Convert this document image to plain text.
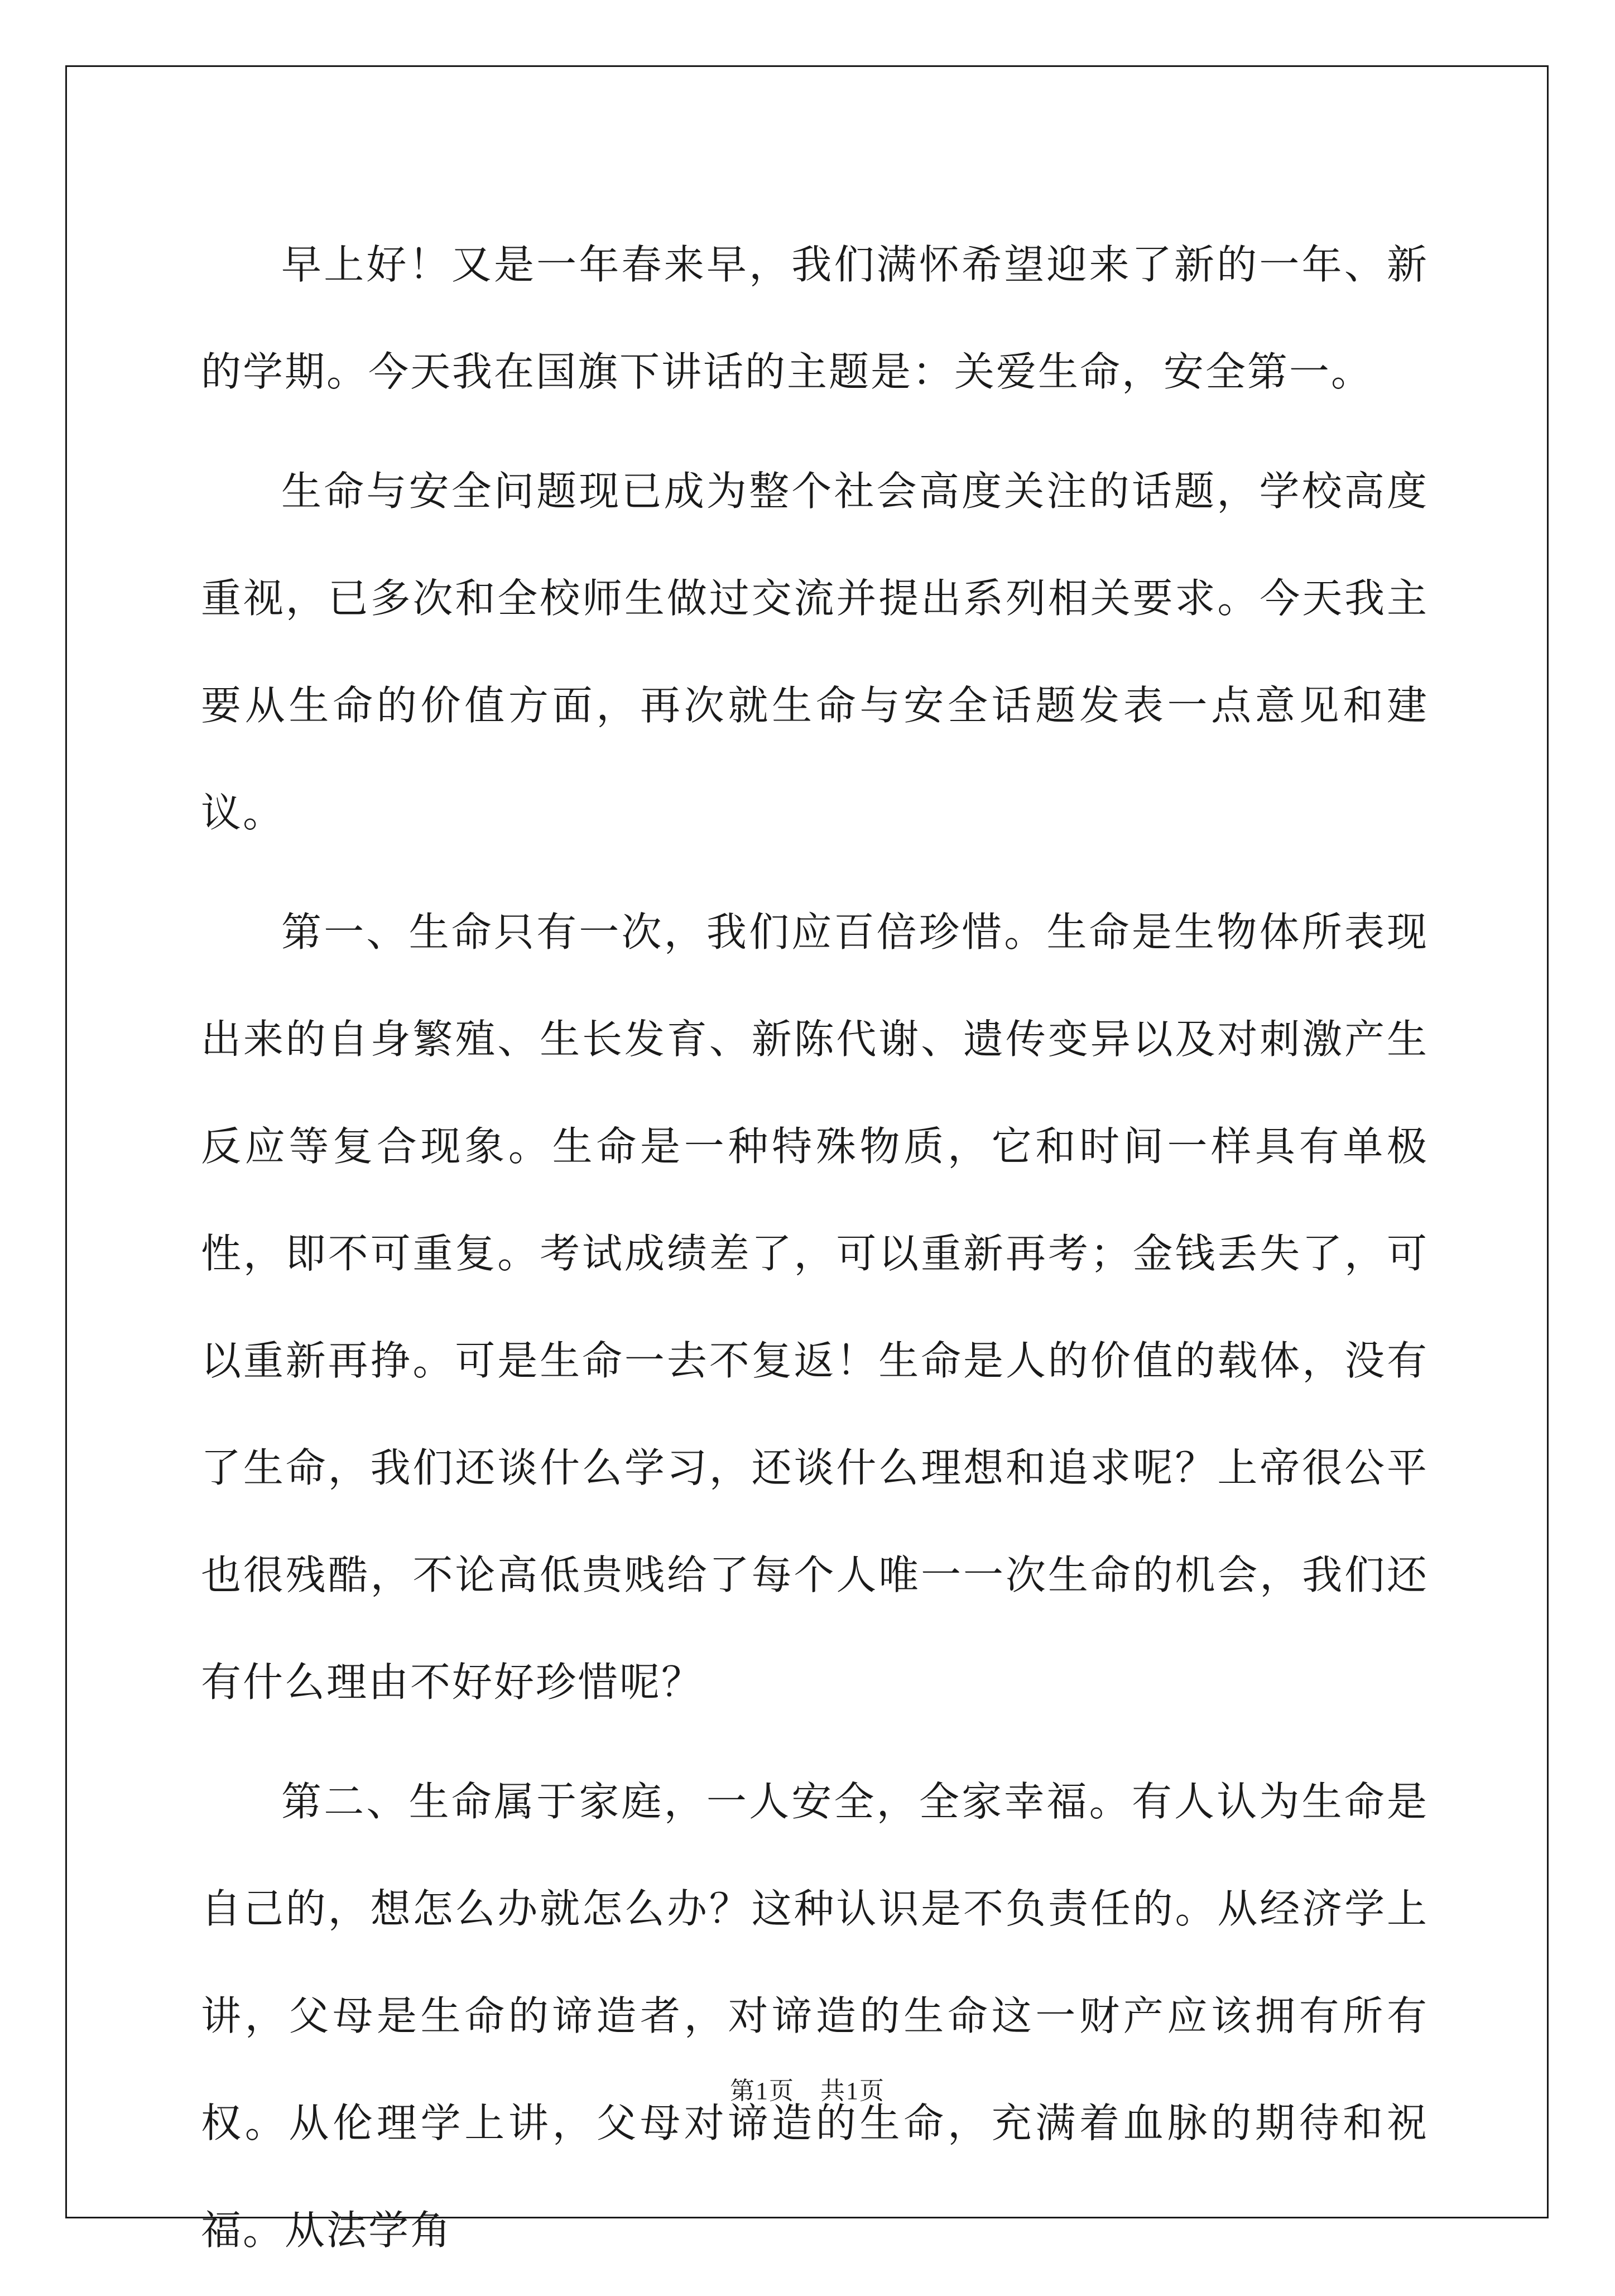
早上好！又是一年春来早，我们满怀希望迎来了新的一年、新的学期。今天我在国旗下讲话的主题是：关爱生命，安全第一。

生命与安全问题现已成为整个社会高度关注的话题，学校高度重视，已多次和全校师生做过交流并提出系列相关要求。今天我主要从生命的价值方面，再次就生命与安全话题发表一点意见和建议。

第一、生命只有一次，我们应百倍珍惜。生命是生物体所表现出来的自身繁殖、生长发育、新陈代谢、遗传变异以及对刺激产生反应等复合现象。生命是一种特殊物质，它和时间一样具有单极性，即不可重复。考试成绩差了，可以重新再考；金钱丢失了，可以重新再挣。可是生命一去不复返！生命是人的价值的载体，没有了生命，我们还谈什么学习，还谈什么理想和追求呢？上帝很公平也很残酷，不论高低贵贱给了每个人唯一一次生命的机会，我们还有什么理由不好好珍惜呢？

第二、生命属于家庭，一人安全，全家幸福。有人认为生命是自己的，想怎么办就怎么办？这种认识是不负责任的。从经济学上讲，父母是生命的谛造者，对谛造的生命这一财产应该拥有所有权。从伦理学上讲，父母对谛造的生命，充满着血脉的期待和祝福。从法学角

第1页　共1页
